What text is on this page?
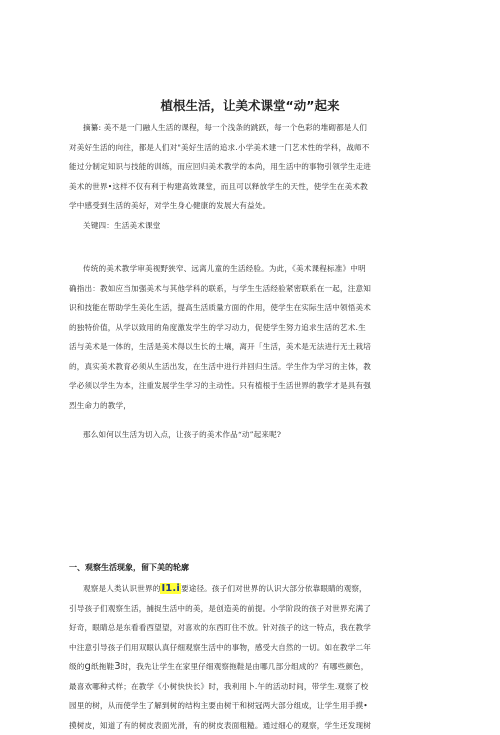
植根生活，让美术课堂“动”起来
摘纂: 美不是一门融人生活的课程，每一个浅条的跳跃，每一个色彩的堆砌都是人们
对美好生活的向往，都是人们对"美好生活的追求.小学美术建一门艺术性的学科，战师不
能过分制定知识与技能的训练，而应回归美术教学的本尚，用生活中的事物引领学生走进
美术的世界•这样不仅有利于构建高效课堂，而且可以释放学生的天性，使学生在美术教
学中感受到生活的美好，对学生身心健康的发展大有益处。
关键四：生活美术课堂
传统的美术教学审美视野狭窄、远离儿童的生活经验。为此，《美术课程标准》中明
确指出：教如应当加强美术与其他学科的联系，与学生生活经验紧密联系在一起，注意知
识和技能在帮助学生美化生活，提高生活质量方面的作用，使学生在实际生活中领悟美术
的独特价值，从学以致用的角度激发学生的学习动力，促使学生努力追求生活的艺术.生
活与美术是一体的，生活是美术得以生长的土壤，离开「生活，美术是无法进行无土栽培
的，真实美术教育必须从生活出发，在生活中进行并回归生活。学生作为学习的主体，教
学必须以学生为本，注重发展学生学习的主动性。只有植根于生活世界的教学才是具有强
烈生命力的教学，
那么如何以生活为切入点，让孩子的美术作品“动”起来呢?
一、观察生活现象，留下美的轮廓
观察是人类认识世界的I1.i要途径。孩子们对世界的认识大部分依靠眼睛的观察，
引导孩子们观察生活，捕捉生活中的美，是创造美的前提。小学阶段的孩子对世界充满了
好奇，眼睛总是东看看西望望，对喜欢的东西盯住不放。针对孩子的这一特点，我在教学
中注意引导孩子们用双眼认真仔细观察生活中的事物，感受大自然的一切。如在教学二年
级的g纸拖鞋3时，我先让学生在家里仔细观察拖鞋是由哪几部分组成的？有哪些颜色，
最喜欢哪种式样；在教学《小树快快长》时，我利用卜.午的活动时间，带学生.观察了校
园里的树，从而使学生了解到树的结构主要由树干和树冠两大部分组成，让学生用手摸•
摸树皮，知道了有的树皮表面光滑，有的树皮表面粗糙。通过细心的观察，学生还发现树
